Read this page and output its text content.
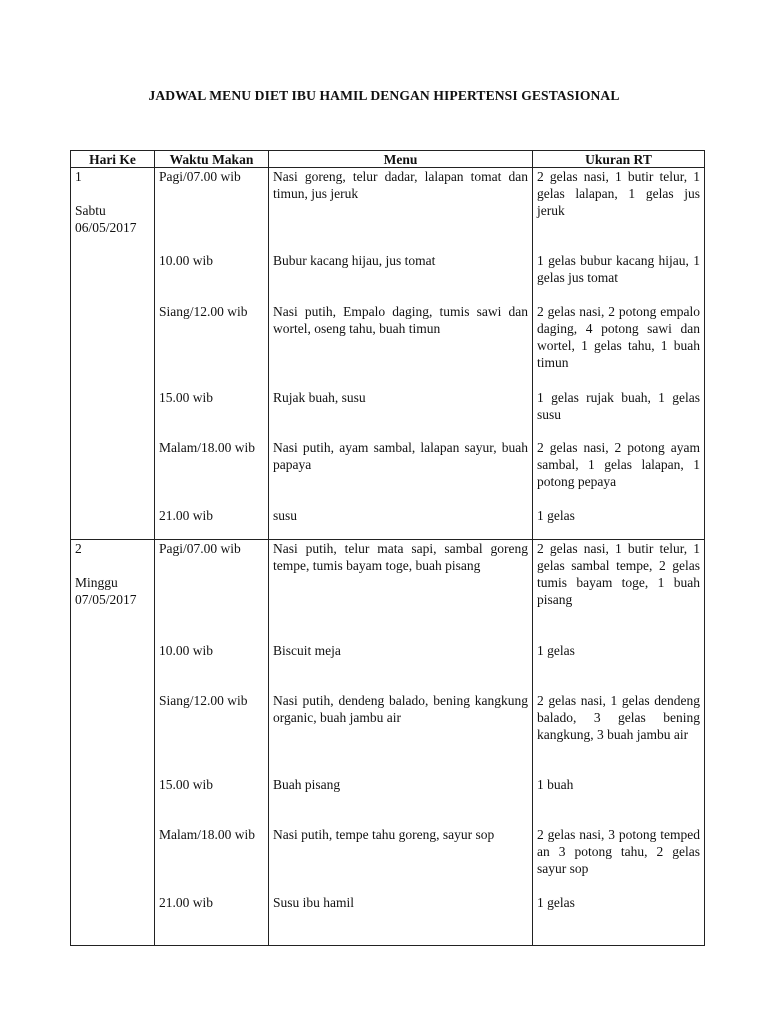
JADWAL MENU DIET IBU HAMIL DENGAN HIPERTENSI GESTASIONAL
Hari Ke	Waktu Makan	Menu	Ukuran RT

1
Sabtu
06/05/2017	Pagi/07.00 wib	Nasi goreng, telur dadar, lalapan tomat dan timun, jus jeruk	2 gelas nasi, 1 butir telur, 1 gelas lalapan, 1 gelas jus jeruk
	10.00 wib	Bubur kacang hijau, jus tomat	1 gelas bubur kacang hijau, 1 gelas jus tomat
	Siang/12.00 wib	Nasi putih, Empalo daging, tumis sawi dan wortel, oseng tahu, buah timun	2 gelas nasi, 2 potong empalo daging, 4 potong sawi dan wortel, 1 gelas tahu, 1 buah timun
	15.00 wib	Rujak buah, susu	1 gelas rujak buah, 1 gelas susu
	Malam/18.00 wib	Nasi putih, ayam sambal, lalapan sayur, buah papaya	2 gelas nasi, 2 potong ayam sambal, 1 gelas lalapan, 1 potong pepaya
	21.00 wib	susu	1 gelas

2
Minggu
07/05/2017	Pagi/07.00 wib	Nasi putih, telur mata sapi, sambal goreng tempe, tumis bayam toge, buah pisang	2 gelas nasi, 1 butir telur, 1 gelas sambal tempe, 2 gelas tumis bayam toge, 1 buah pisang
	10.00 wib	Biscuit meja	1 gelas
	Siang/12.00 wib	Nasi putih, dendeng balado, bening kangkung organic, buah jambu air	2 gelas nasi, 1 gelas dendeng balado, 3 gelas bening kangkung, 3 buah jambu air
	15.00 wib	Buah pisang	1 buah
	Malam/18.00 wib	Nasi putih, tempe tahu goreng, sayur sop	2 gelas nasi, 3 potong temped an 3 potong tahu, 2 gelas sayur sop
	21.00 wib	Susu ibu hamil	1 gelas
